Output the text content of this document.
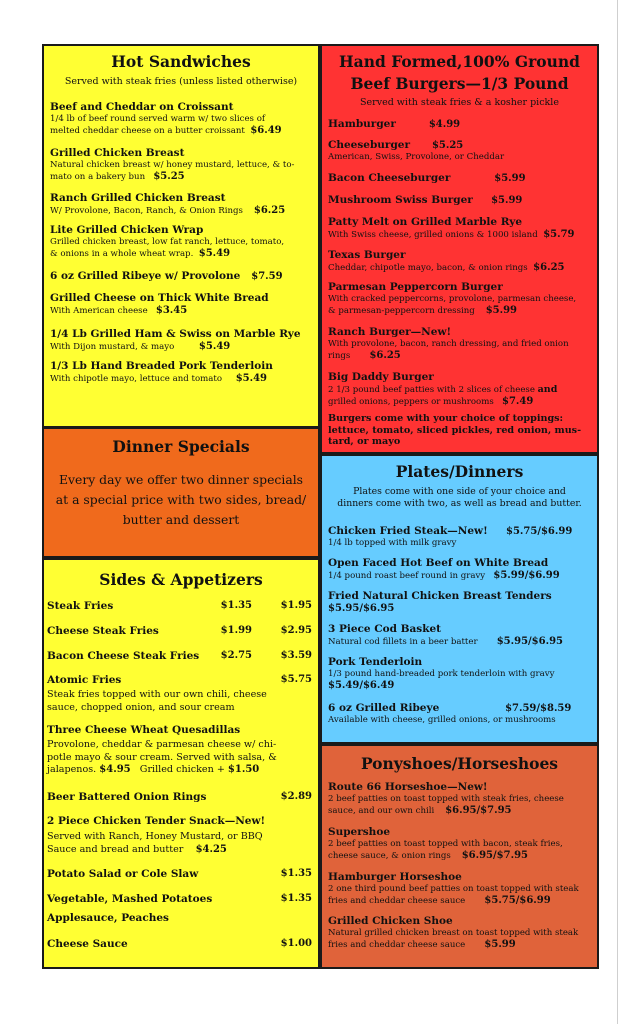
Hot Sandwiches
Served with steak fries (unless listed otherwise)
Beef and Cheddar on Croissant
1/4 lb of beef round served warm w/ two slices of
melted cheddar cheese on a butter croissant $6.49
Grilled Chicken Breast
Natural chicken breast w/ honey mustard, lettuce, & to-
mato on a bakery bun $5.25
Ranch Grilled Chicken Breast
W/ Provolone, Bacon, Ranch, & Onion Rings $6.25
Lite Grilled Chicken Wrap
Grilled chicken breast, low fat ranch, lettuce, tomato,
& onions in a whole wheat wrap. $5.49
6 oz Grilled Ribeye w/ Provolone $7.59
Grilled Cheese on Thick White Bread
With American cheese $3.45
1/4 Lb Grilled Ham & Swiss on Marble Rye
With Dijon mustard, & mayo $5.49
1/3 Lb Hand Breaded Pork Tenderloin
With chipotle mayo, lettuce and tomato $5.49
Hand Formed,100% Ground
Beef Burgers—1/3 Pound
Served with steak fries & a kosher pickle
Hamburger	$4.99
Cheeseburger $5.25
American, Swiss, Provolone, or Cheddar
Bacon Cheeseburger	$5.99
Mushroom Swiss Burger $5.99
Patty Melt on Grilled Marble Rye
With Swiss cheese, grilled onions & 1000 island $5.79
Texas Burger
Cheddar, chipotle mayo, bacon, & onion rings $6.25
Parmesan Peppercorn Burger
With cracked peppercorns, provolone, parmesan cheese,
& parmesan-peppercorn dressing $5.99
Ranch Burger—New!
With provolone, bacon, ranch dressing, and fried onion
rings $6.25
Big Daddy Burger
2 1/3 pound beef patties with 2 slices of cheese and
grilled onions, peppers or mushrooms $7.49
Burgers come with your choice of toppings:
lettuce, tomato, sliced pickles, red onion, mus-
tard, or mayo
Dinner Specials
Every day we offer two dinner specials
at a special price with two sides, bread/
butter and dessert
Plates/Dinners
Plates come with one side of your choice and
dinners come with two, as well as bread and butter.
Chicken Fried Steak—New! $5.75/$6.99
1/4 lb topped with milk gravy
Open Faced Hot Beef on White Bread
1/4 pound roast beef round in gravy $5.99/$6.99
Fried Natural Chicken Breast Tenders
$5.95/$6.95
3 Piece Cod Basket
Natural cod fillets in a beer batter $5.95/$6.95
Pork Tenderloin
1/3 pound hand-breaded pork tenderloin with gravy
$5.49/$6.49
6 oz Grilled Ribeye	$7.59/$8.59
Available with cheese, grilled onions, or mushrooms
Sides & Appetizers
Steak Fries	$1.35	$1.95
Cheese Steak Fries	$1.99	$2.95
Bacon Cheese Steak Fries $2.75	$3.59
Atomic Fries	$5.75
Steak fries topped with our own chili, cheese
sauce, chopped onion, and sour cream
Three Cheese Wheat Quesadillas
Provolone, cheddar & parmesan cheese w/ chi-
potle mayo & sour cream. Served with salsa, &
jalapenos. $4.95 Grilled chicken + $1.50
Beer Battered Onion Rings	$2.89
2 Piece Chicken Tender Snack—New!
Served with Ranch, Honey Mustard, or BBQ
Sauce and bread and butter $4.25
Potato Salad or Cole Slaw	$1.35
Vegetable, Mashed Potatoes	$1.35
Applesauce, Peaches
Cheese Sauce	$1.00
Ponyshoes/Horseshoes
Route 66 Horseshoe—New!
2 beef patties on toast topped with steak fries, cheese
sauce, and our own chili $6.95/$7.95
Supershoe
2 beef patties on toast topped with bacon, steak fries,
cheese sauce, & onion rings $6.95/$7.95
Hamburger Horseshoe
2 one third pound beef patties on toast topped with steak
fries and cheddar cheese sauce $5.75/$6.99
Grilled Chicken Shoe
Natural grilled chicken breast on toast topped with steak
fries and cheddar cheese sauce $5.99
